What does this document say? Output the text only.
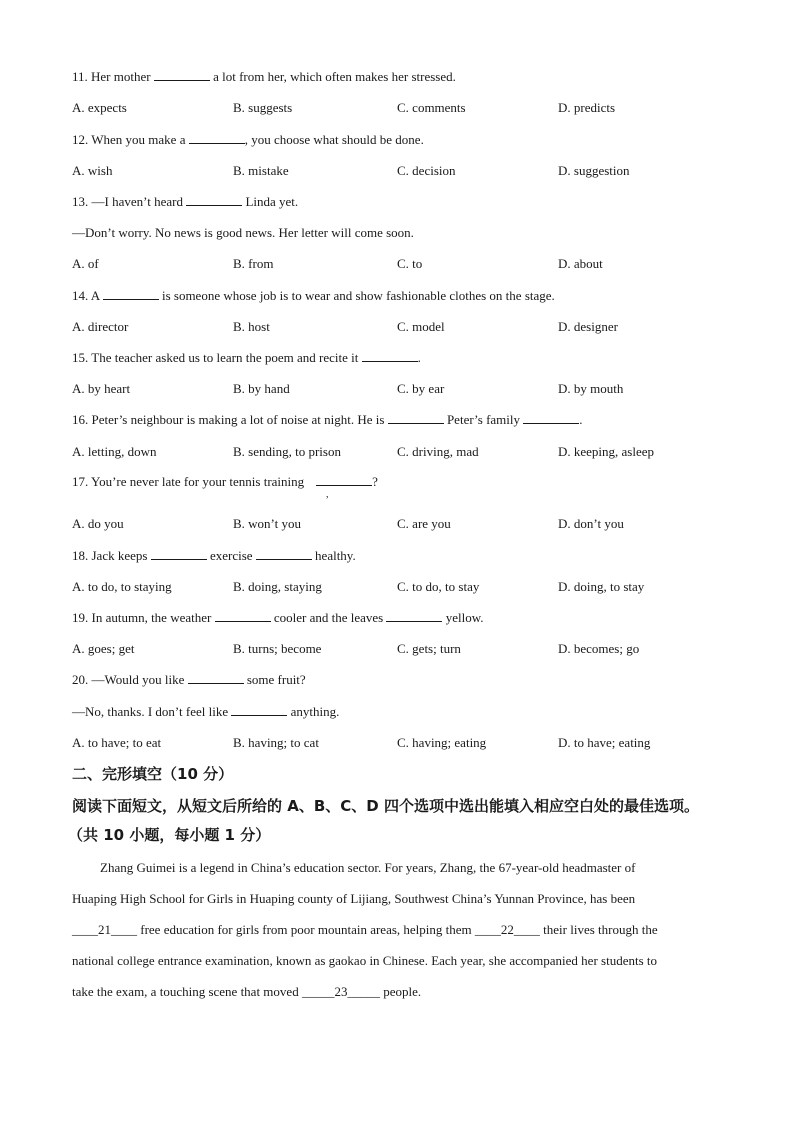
11. Her mother	a lot from her, which often makes her stressed.
A. expects	B. suggests	C. comments	D. predicts
12. When you make a	, you choose what should be done.
A. wish	B. mistake	C. decision	D. suggestion
13. —I haven’t heard	Linda yet.
—Don’t worry. No news is good news. Her letter will come soon.
A. of	B. from	C. to	D. about
14. A	is someone whose job is to wear and show fashionable clothes on the stage.
A. director	B. host	C. model	D. designer
15. The teacher asked us to learn the poem and recite it	.
A. by heart	B. by hand	C. by ear	D. by mouth
16. Peter’s neighbour is making a lot of noise at night. He is	Peter’s family	.
A. letting, down	B. sending, to prison	C. driving, mad	D. keeping, asleep
17. You’re never late for your tennis training	?
,
A. do you	B. won’t you	C. are you	D. don’t you
18. Jack keeps	exercise	healthy.
A. to do, to staying	B. doing, staying	C. to do, to stay	D. doing, to stay
19. In autumn, the weather	cooler and the leaves	yellow.
A. goes; get	B. turns; become	C. gets; turn	D. becomes; go
20. —Would you like	some fruit?
—No, thanks. I don’t feel like	anything.
A. to have; to eat	B. having; to cat	C. having; eating	D. to have; eating
二、完形填空（10 分）
阅读下面短文，从短文后所给的 A、B、C、D 四个选项中选出能填入相应空白处的最佳选项。
（共 10 小题，每小题 1 分）
Zhang Guimei is a legend in China’s education sector. For years, Zhang, the 67-year-old headmaster of
Huaping High School for Girls in Huaping county of Lijiang, Southwest China’s Yunnan Province, has been
____21____ free education for girls from poor mountain areas, helping them ____22____ their lives through the
national college entrance examination, known as gaokao in Chinese. Each year, she accompanied her students to
take the exam, a touching scene that moved _____23_____ people.
